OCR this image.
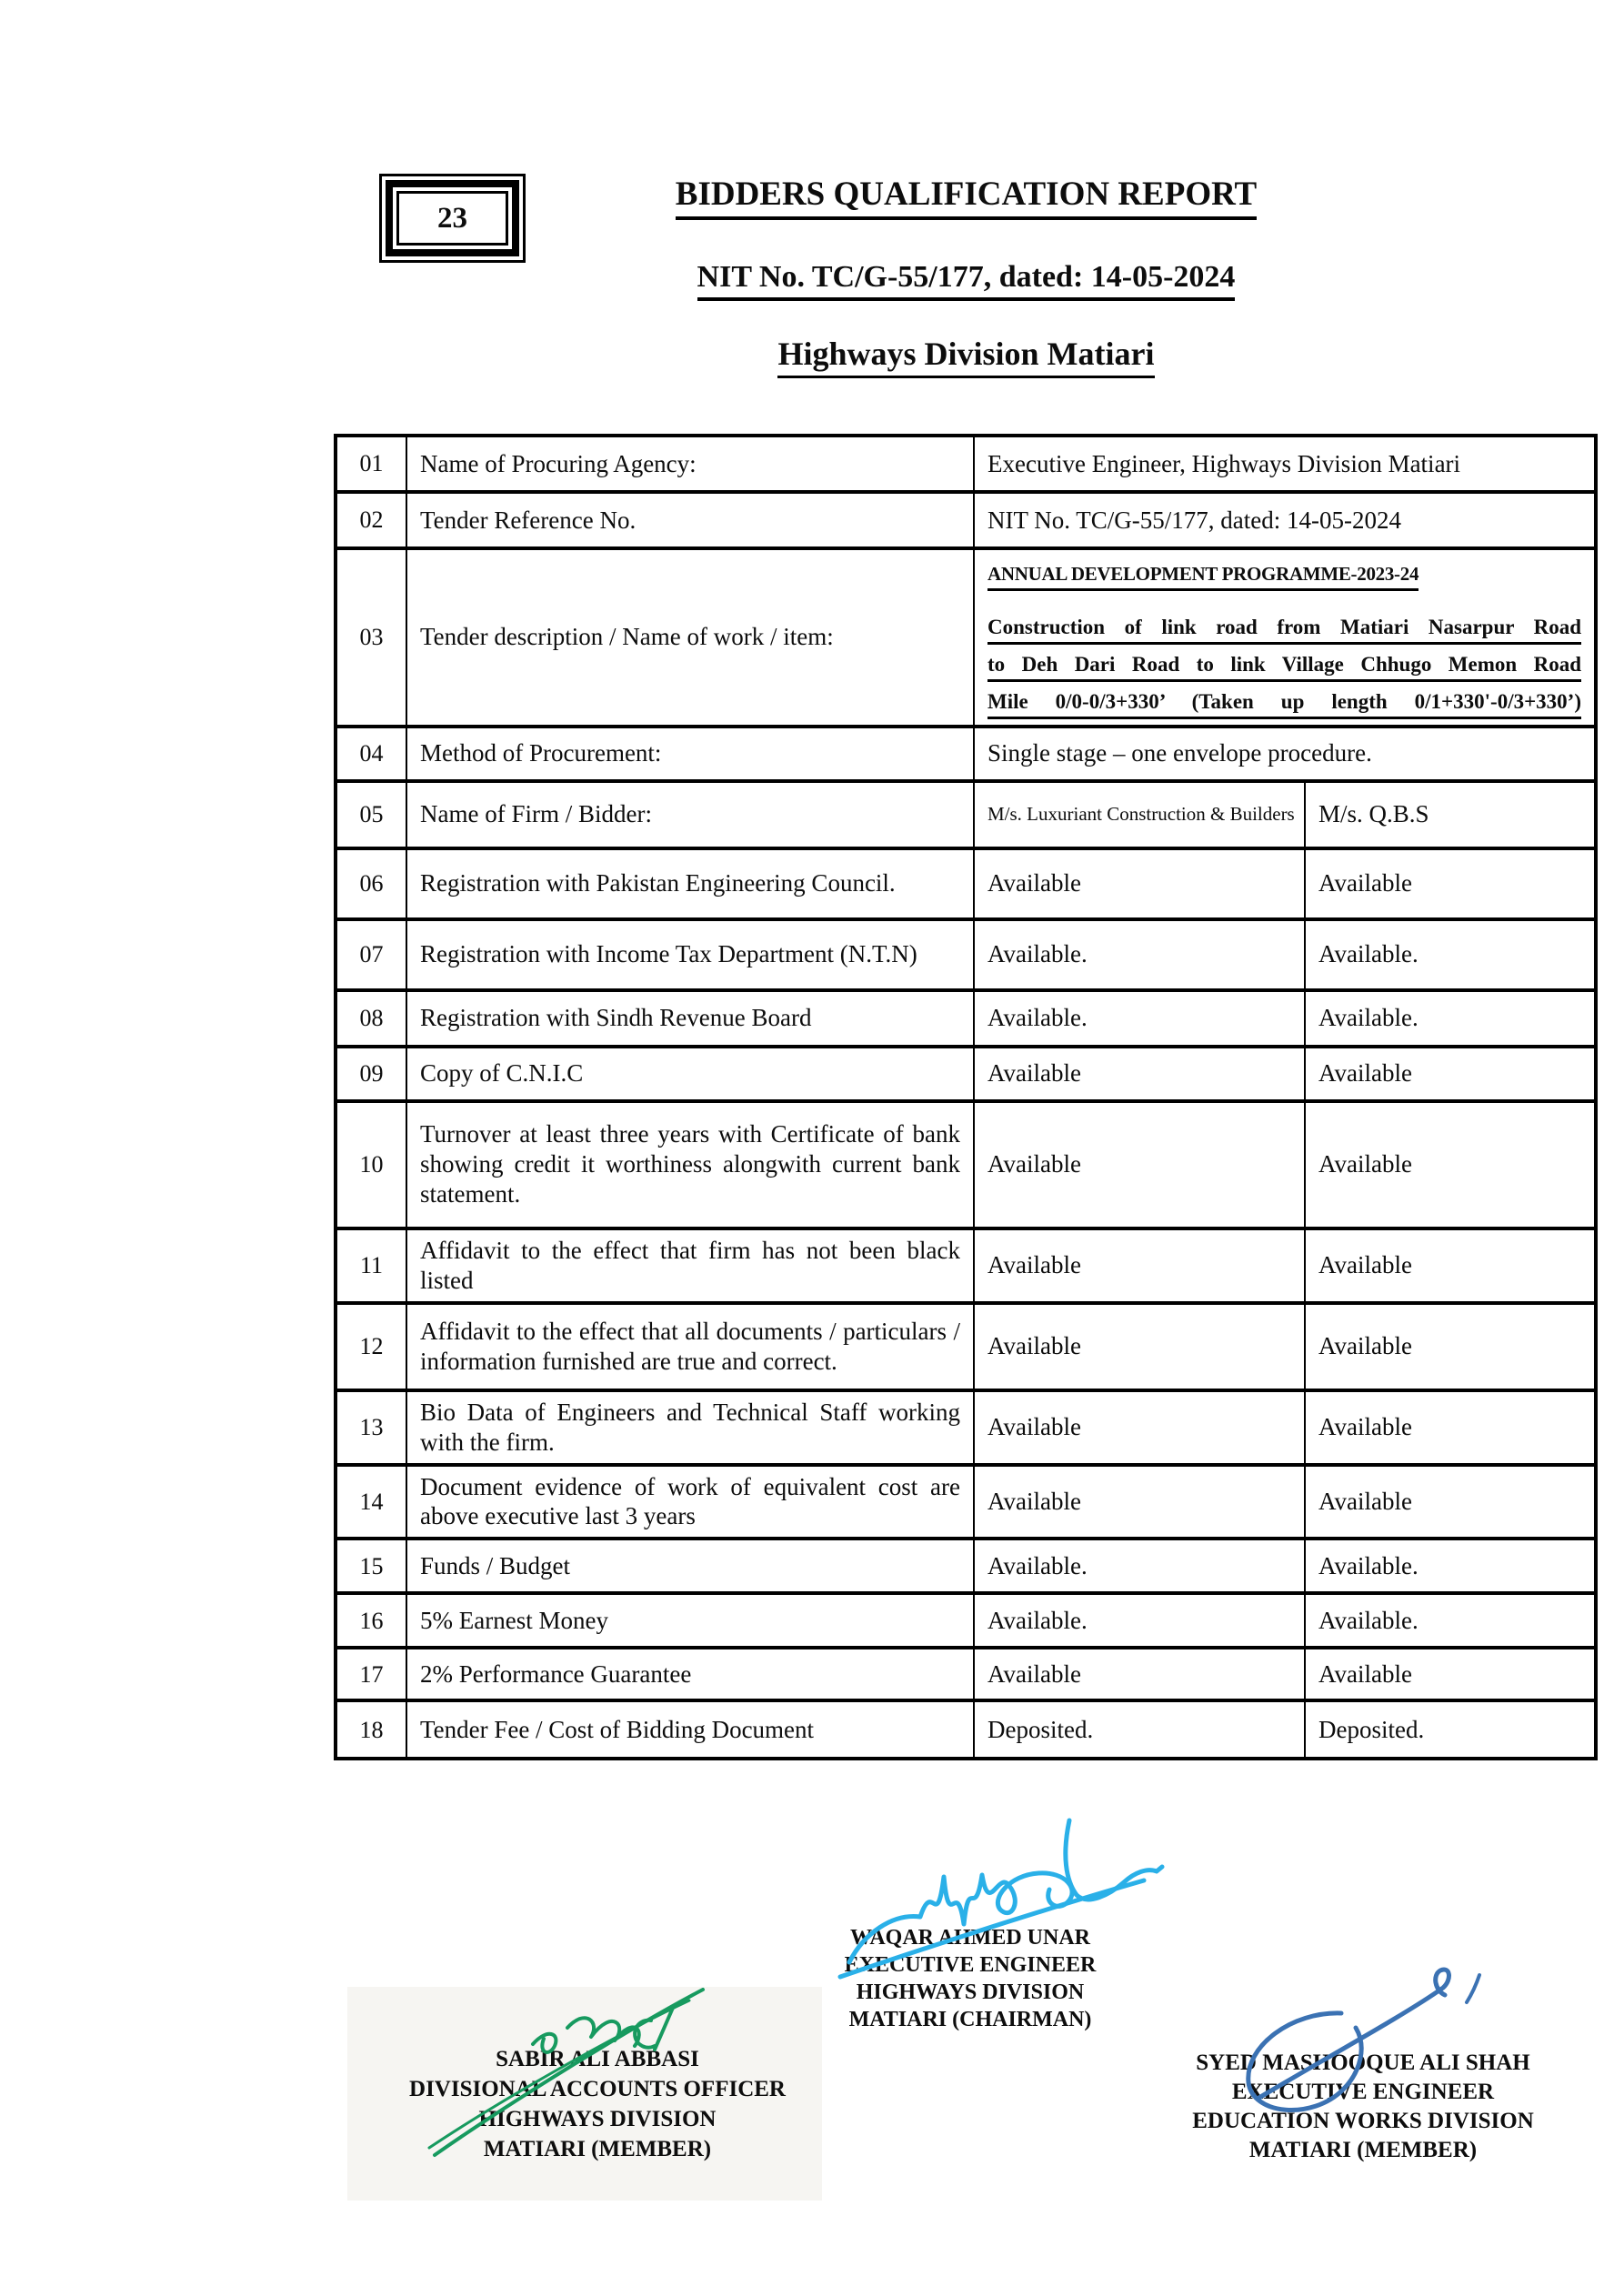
23
BIDDERS QUALIFICATION REPORT
NIT No. TC/G-55/177, dated: 14-05-2024
Highways Division Matiari
01	Name of Procuring Agency:	Executive Engineer, Highways Division Matiari	
02	Tender Reference No.	NIT No. TC/G-55/177, dated: 14-05-2024	
03	Tender description / Name of work / item:	ANNUAL DEVELOPMENT PROGRAMME-2023-24
Construction of link road from Matiari Nasarpur Road
to Deh Dari Road to link Village Chhugo Memon Road
Mile 0/0-0/3+330’ (Taken up length 0/1+330'-0/3+330’)	

04	Method of Procurement:	Single stage – one envelope procedure.	
05	Name of Firm / Bidder:	M/s. Luxuriant Construction & Builders	M/s. Q.B.S
06	Registration with Pakistan Engineering Council.	Available	Available
07	Registration with Income Tax Department (N.T.N)	Available.	Available.
08	Registration with Sindh Revenue Board	Available.	Available.
09	Copy of C.N.I.C	Available	Available
10	Turnover at least three years with Certificate of bank showing credit it worthiness alongwith current bank statement.	Available	Available
11	Affidavit to the effect that firm has not been black listed	Available	Available
12	Affidavit to the effect that all documents / particulars / information furnished are true and correct.	Available	Available
13	Bio Data of Engineers and Technical Staff working with the firm.	Available	Available
14	Document evidence of work of equivalent cost are above executive last 3 years	Available	Available
15	Funds / Budget	Available.	Available.
16	5% Earnest Money	Available.	Available.
17	2% Performance Guarantee	Available	Available
18	Tender Fee / Cost of Bidding Document	Deposited.	Deposited.
WAQAR AHMED UNAR
EXECUTIVE ENGINEER
HIGHWAYS DIVISION
MATIARI (CHAIRMAN)
SABIR ALI ABBASI
DIVISIONAL ACCOUNTS OFFICER
HIGHWAYS DIVISION
MATIARI (MEMBER)
SYED MASHOOQUE ALI SHAH
EXECUTIVE ENGINEER
EDUCATION WORKS DIVISION
MATIARI (MEMBER)
